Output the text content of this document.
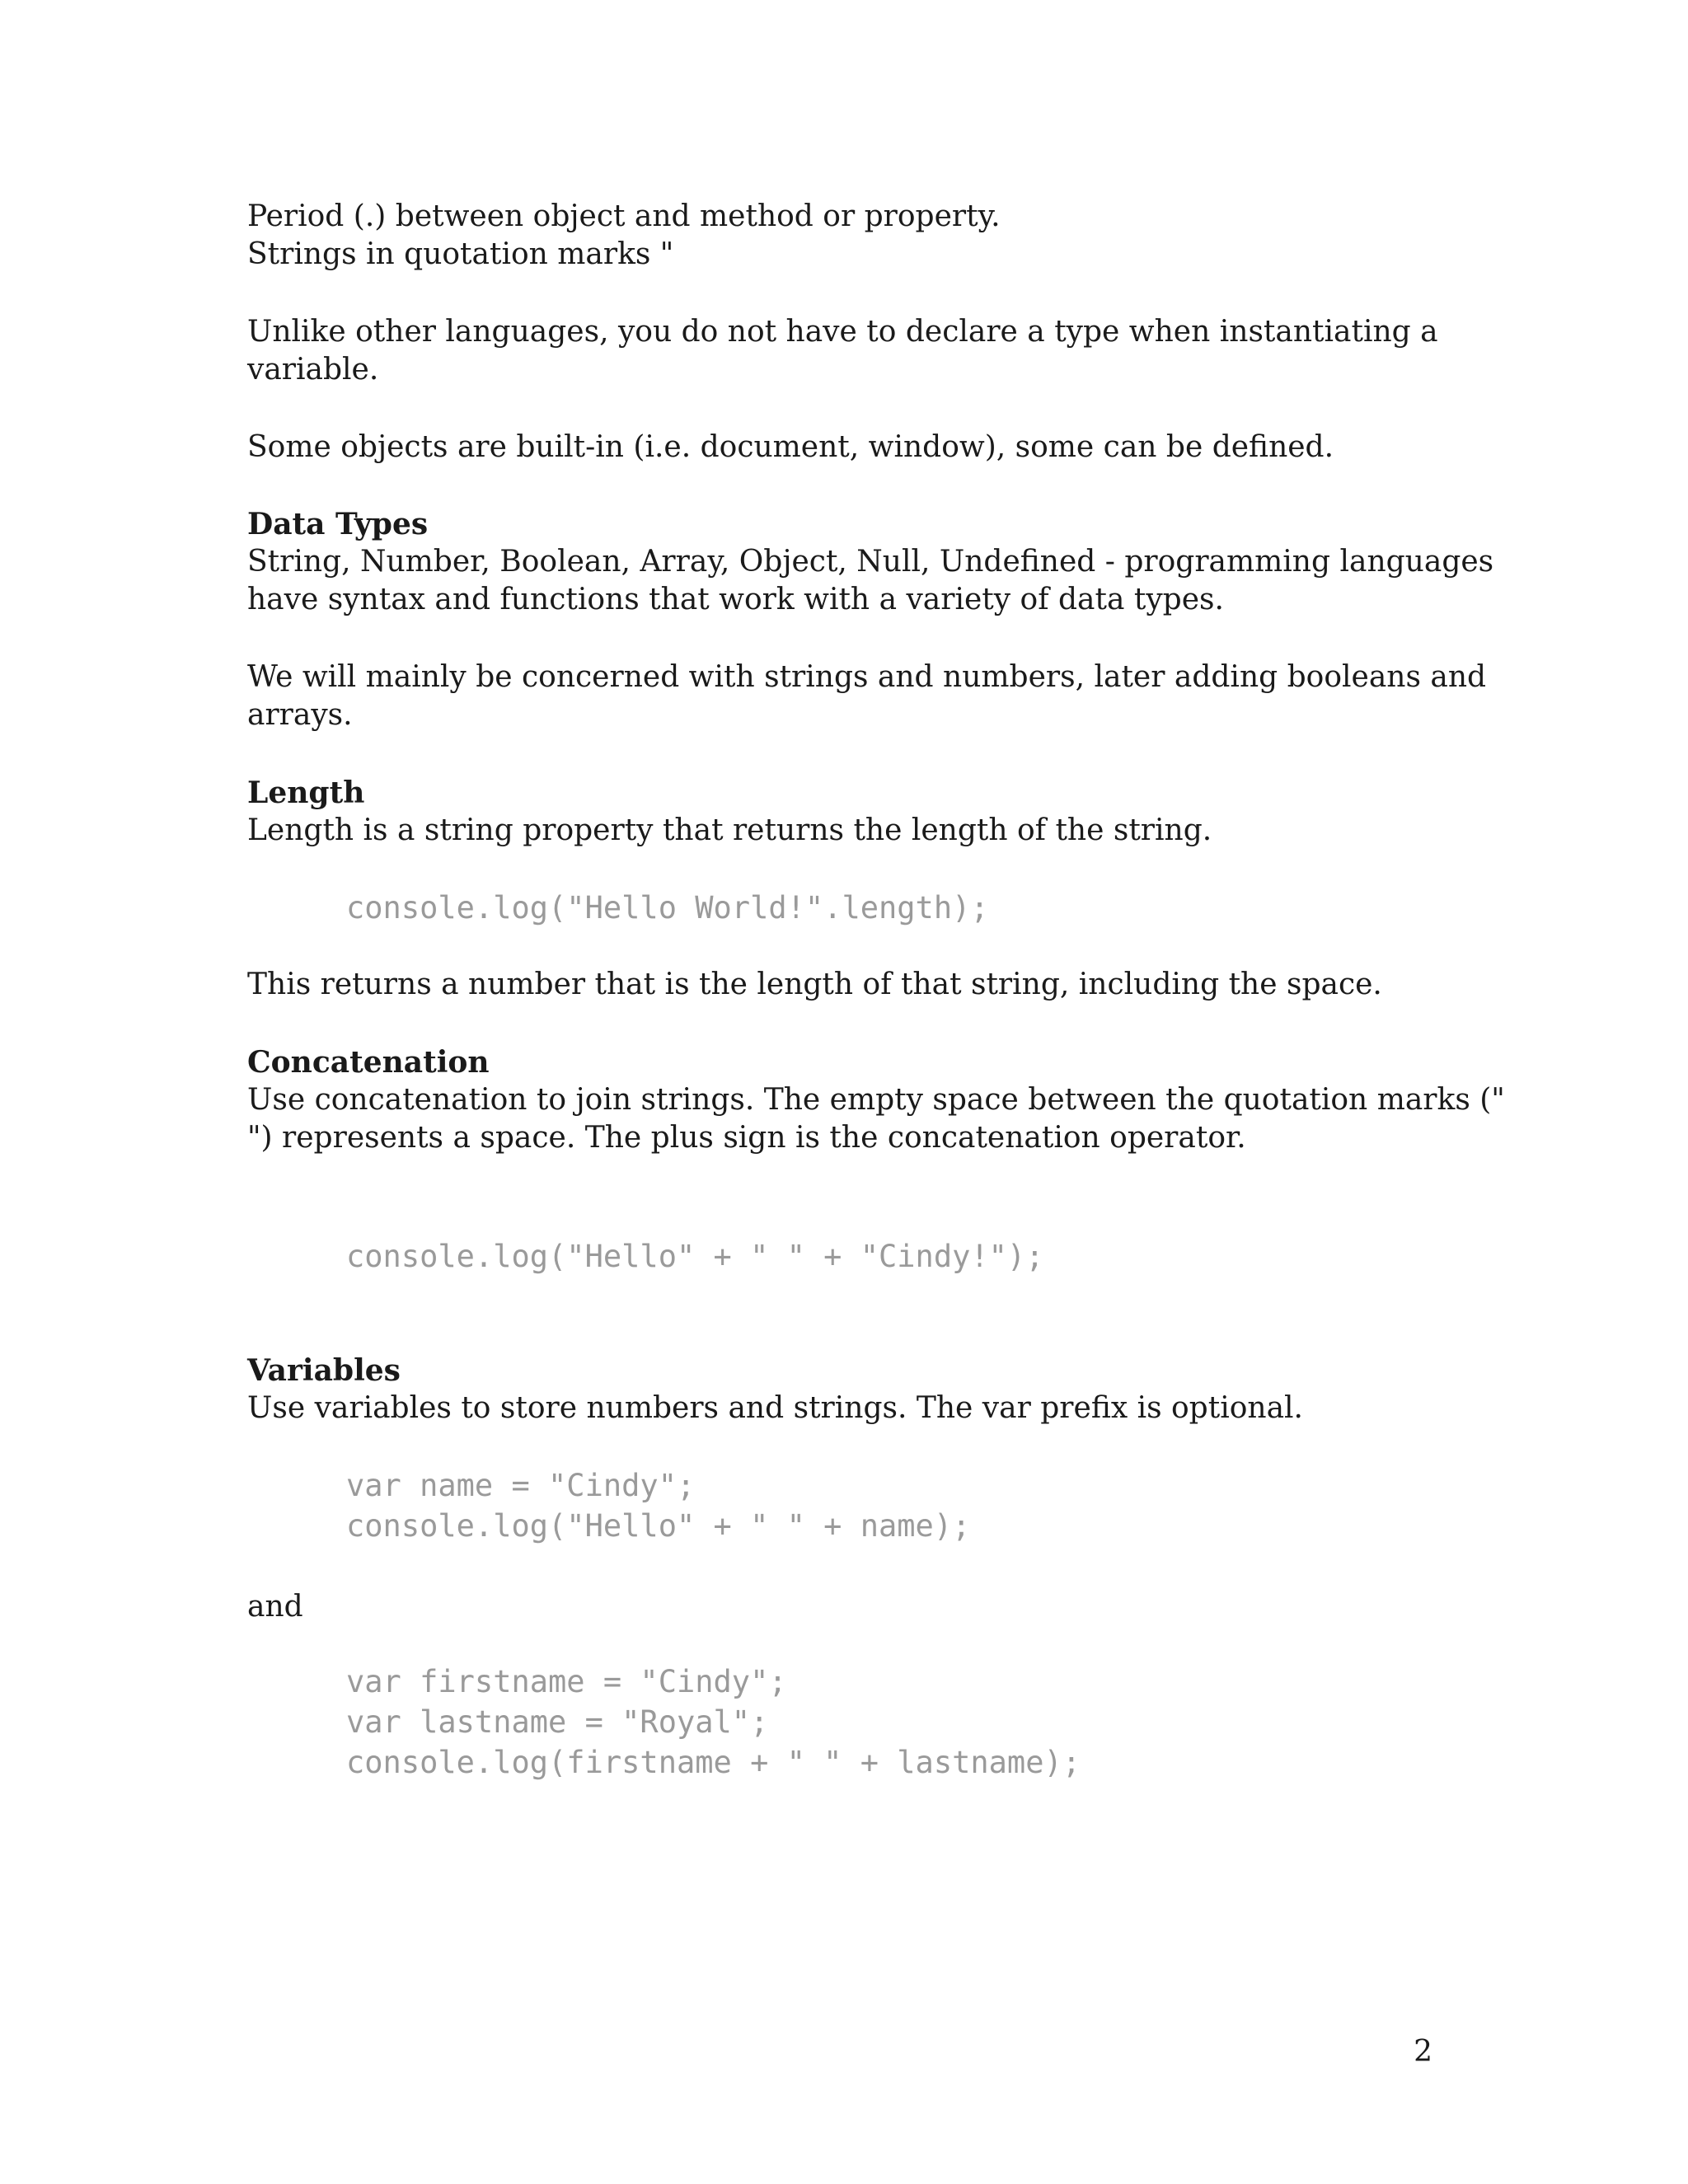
Period (.) between object and method or property.
Strings in quotation marks "
Unlike other languages, you do not have to declare a type when instantiating a
variable.
Some objects are built-in (i.e. document, window), some can be defined.
Data Types
String, Number, Boolean, Array, Object, Null, Undefined - programming languages
have syntax and functions that work with a variety of data types.
We will mainly be concerned with strings and numbers, later adding booleans and
arrays.
Length
Length is a string property that returns the length of the string.
console.log("Hello World!".length);
This returns a number that is the length of that string, including the space.
Concatenation
Use concatenation to join strings. The empty space between the quotation marks ("
") represents a space. The plus sign is the concatenation operator.
console.log("Hello" + " " + "Cindy!");
Variables
Use variables to store numbers and strings. The var prefix is optional.
var name = "Cindy";
console.log("Hello" + " " + name);
and
var firstname = "Cindy";
var lastname = "Royal";
console.log(firstname + " " + lastname);
2
